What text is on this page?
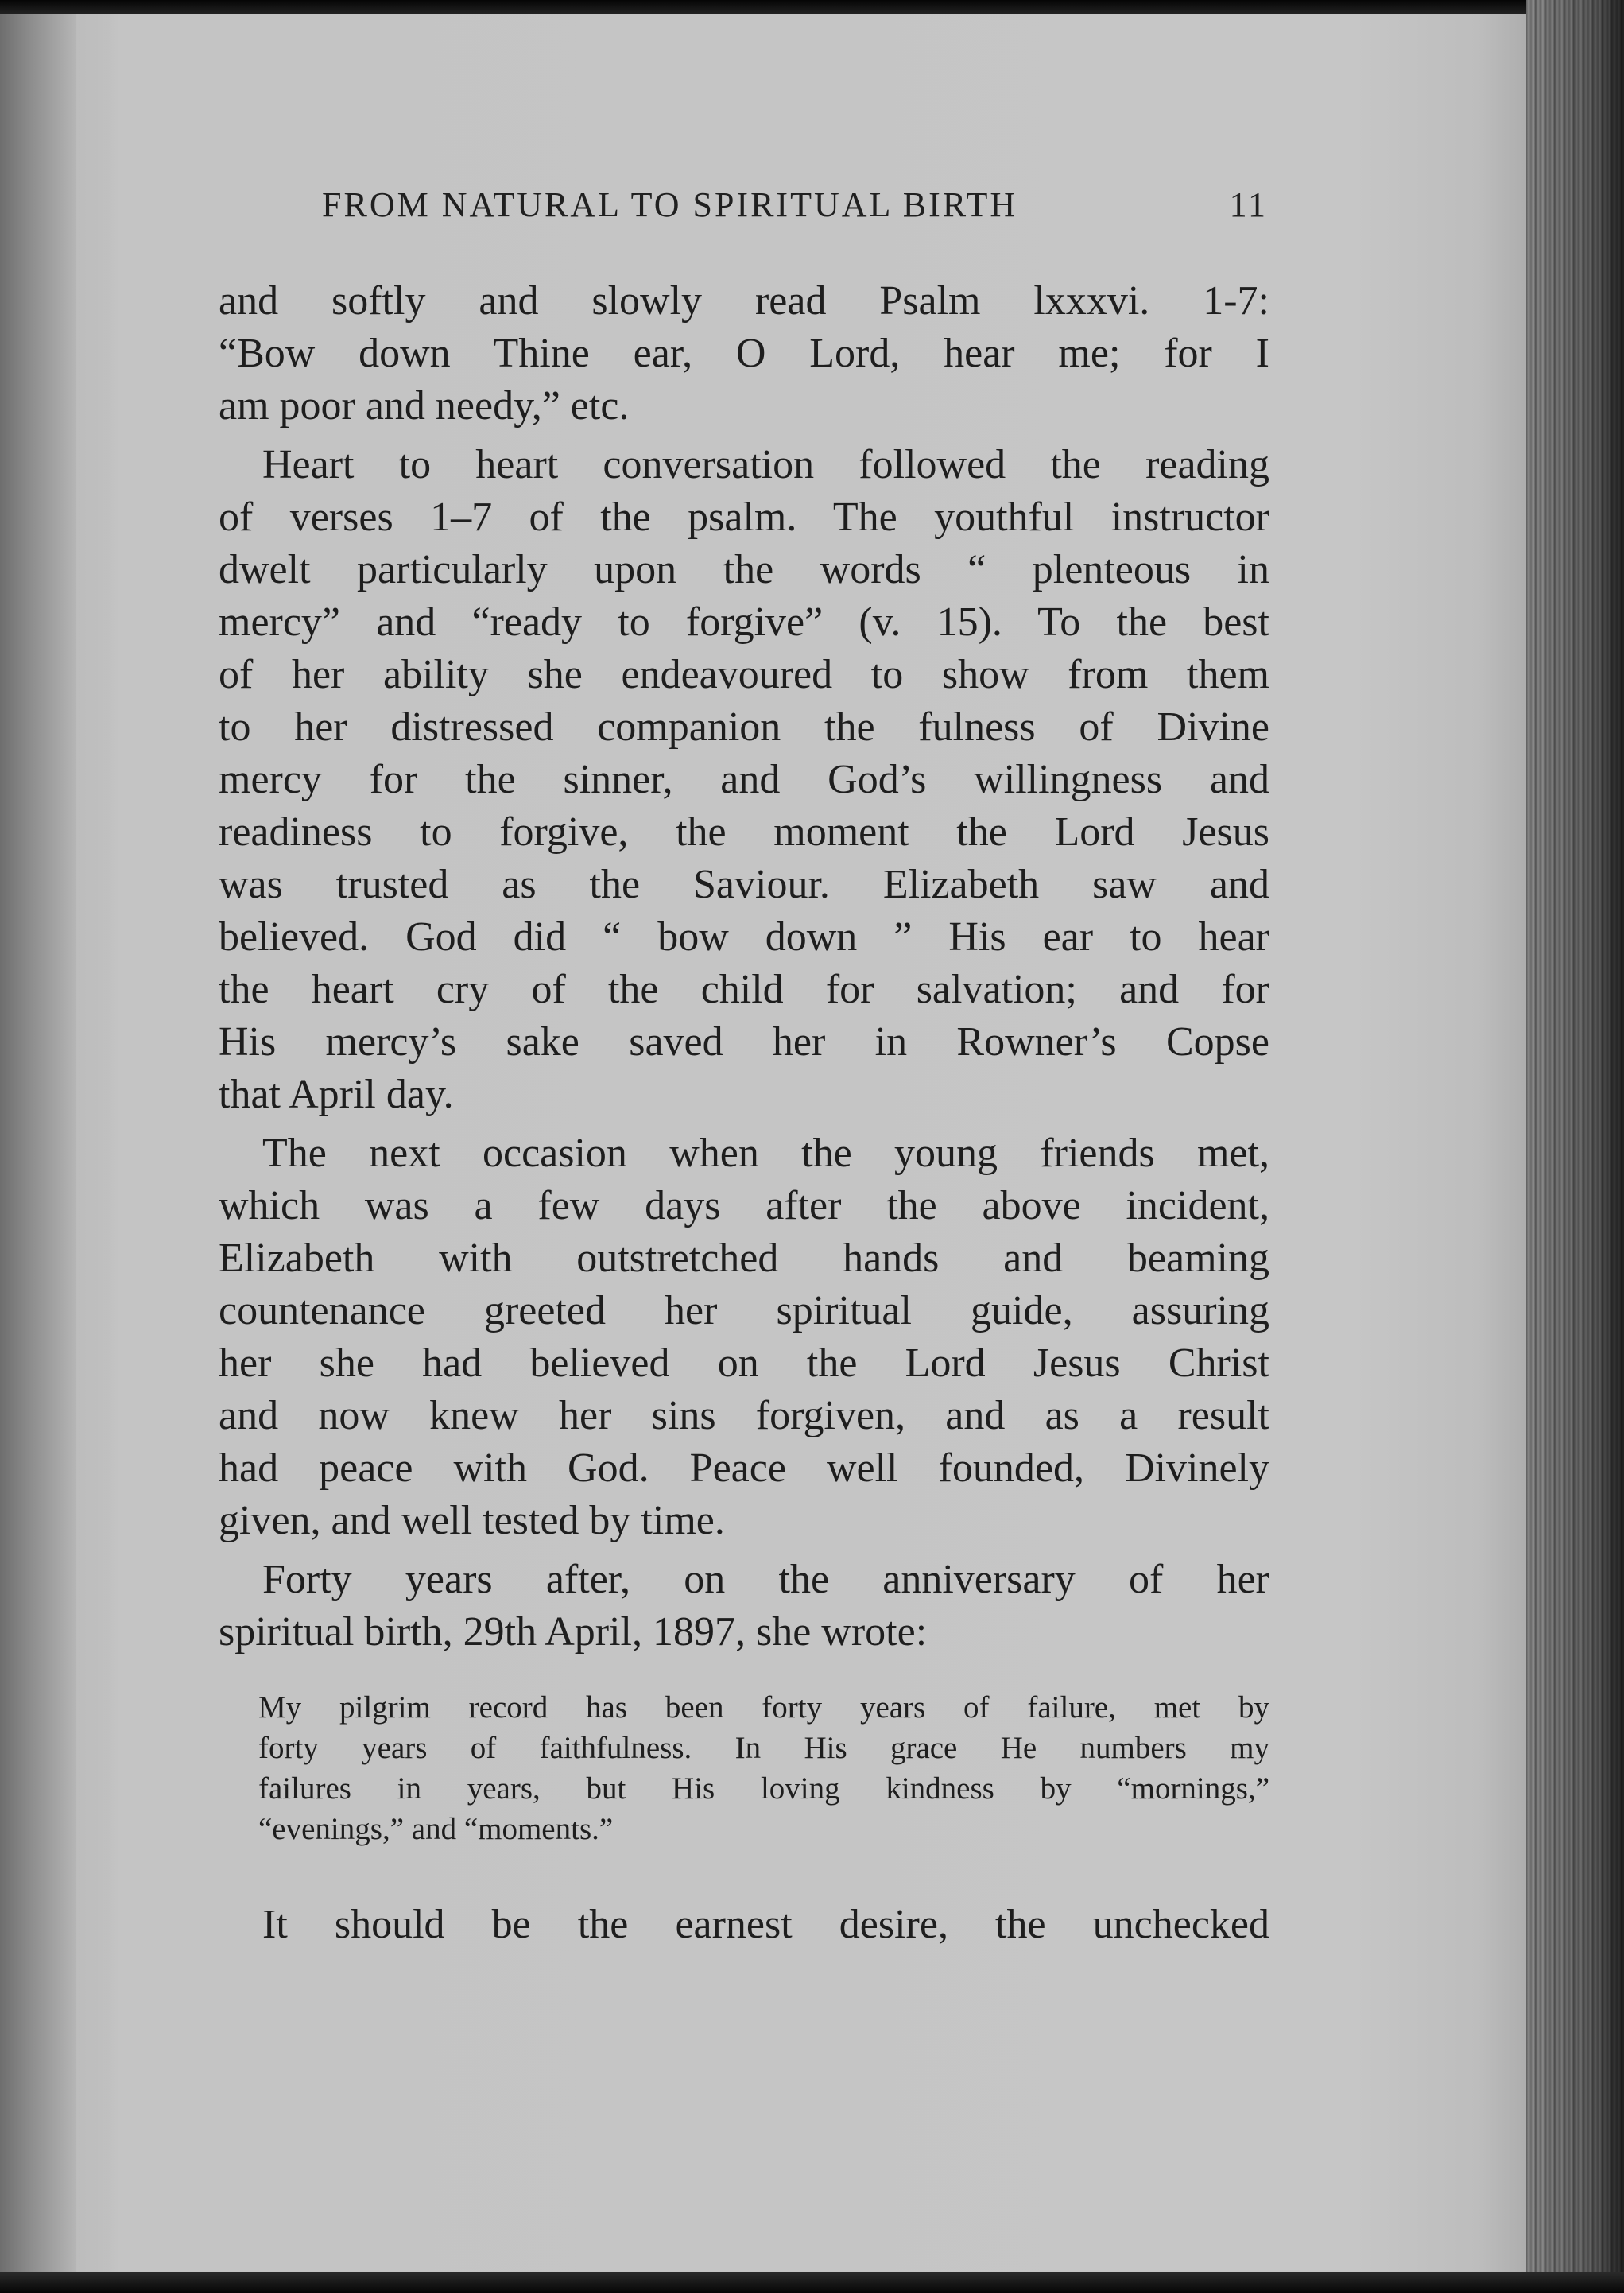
FROM NATURAL TO SPIRITUAL BIRTH	11
and softly and slowly read Psalm lxxxvi. 1-7:
“Bow down Thine ear, O Lord, hear me; for I
am poor and needy,” etc.
Heart to heart conversation followed the reading
of verses 1–7 of the psalm. The youthful instructor
dwelt particularly upon the words “ plenteous in
mercy” and “ready to forgive” (v. 15). To the best
of her ability she endeavoured to show from them
to her distressed companion the fulness of Divine
mercy for the sinner, and God’s willingness and
readiness to forgive, the moment the Lord Jesus
was trusted as the Saviour. Elizabeth saw and
believed. God did “ bow down ” His ear to hear
the heart cry of the child for salvation; and for
His mercy’s sake saved her in Rowner’s Copse
that April day.
The next occasion when the young friends met,
which was a few days after the above incident,
Elizabeth with outstretched hands and beaming
countenance greeted her spiritual guide, assuring
her she had believed on the Lord Jesus Christ
and now knew her sins forgiven, and as a result
had peace with God. Peace well founded, Divinely
given, and well tested by time.
Forty years after, on the anniversary of her
spiritual birth, 29th April, 1897, she wrote:
My pilgrim record has been forty years of failure, met by
forty years of faithfulness. In His grace He numbers my
failures in years, but His loving kindness by “mornings,”
“evenings,” and “moments.”
It should be the earnest desire, the unchecked
